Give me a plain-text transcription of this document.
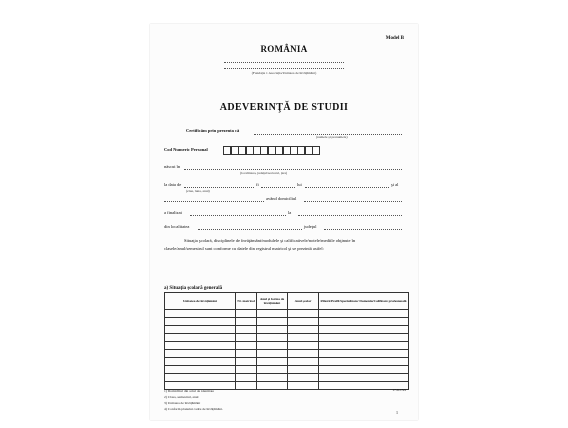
Model B
ROMÂNIA
(Fundaţia 1 Asociaţia/Unitatea de învăţământ)
ADEVERINŢĂ DE STUDII
Certificăm prin prezenta că
(numele şi prenumele)
Cod Numeric Personal
născut în
(localitatea, judeţul/sectorul, ţara)
la data de	fi	lui	şi al
(ziua, luna, anul)
având domiciliul
a finalizat	la
din localitatea	judeţul
Situaţia şcolară, disciplinele de învăţământ/modulele şi calificativele/notele/mediile obţinute în
clasele/anul/semestrul sunt conforme cu datele din registrul matricol şi se prezintă astfel:
a) Situaţia şcolară generală
Unitatea de învăţământ	Nr. matricol	Anul şi forma de învăţământ	Anul şcolar	Filieră/Profil/Specializare/ Domeniu/Calificare profesională

1) Domiciliul din actul de identitate
2) Clasa, semestrul, anul
3) Unitatea de învăţământ
4) Conform planului cadru de învăţământ.
17-6-15/a
1
